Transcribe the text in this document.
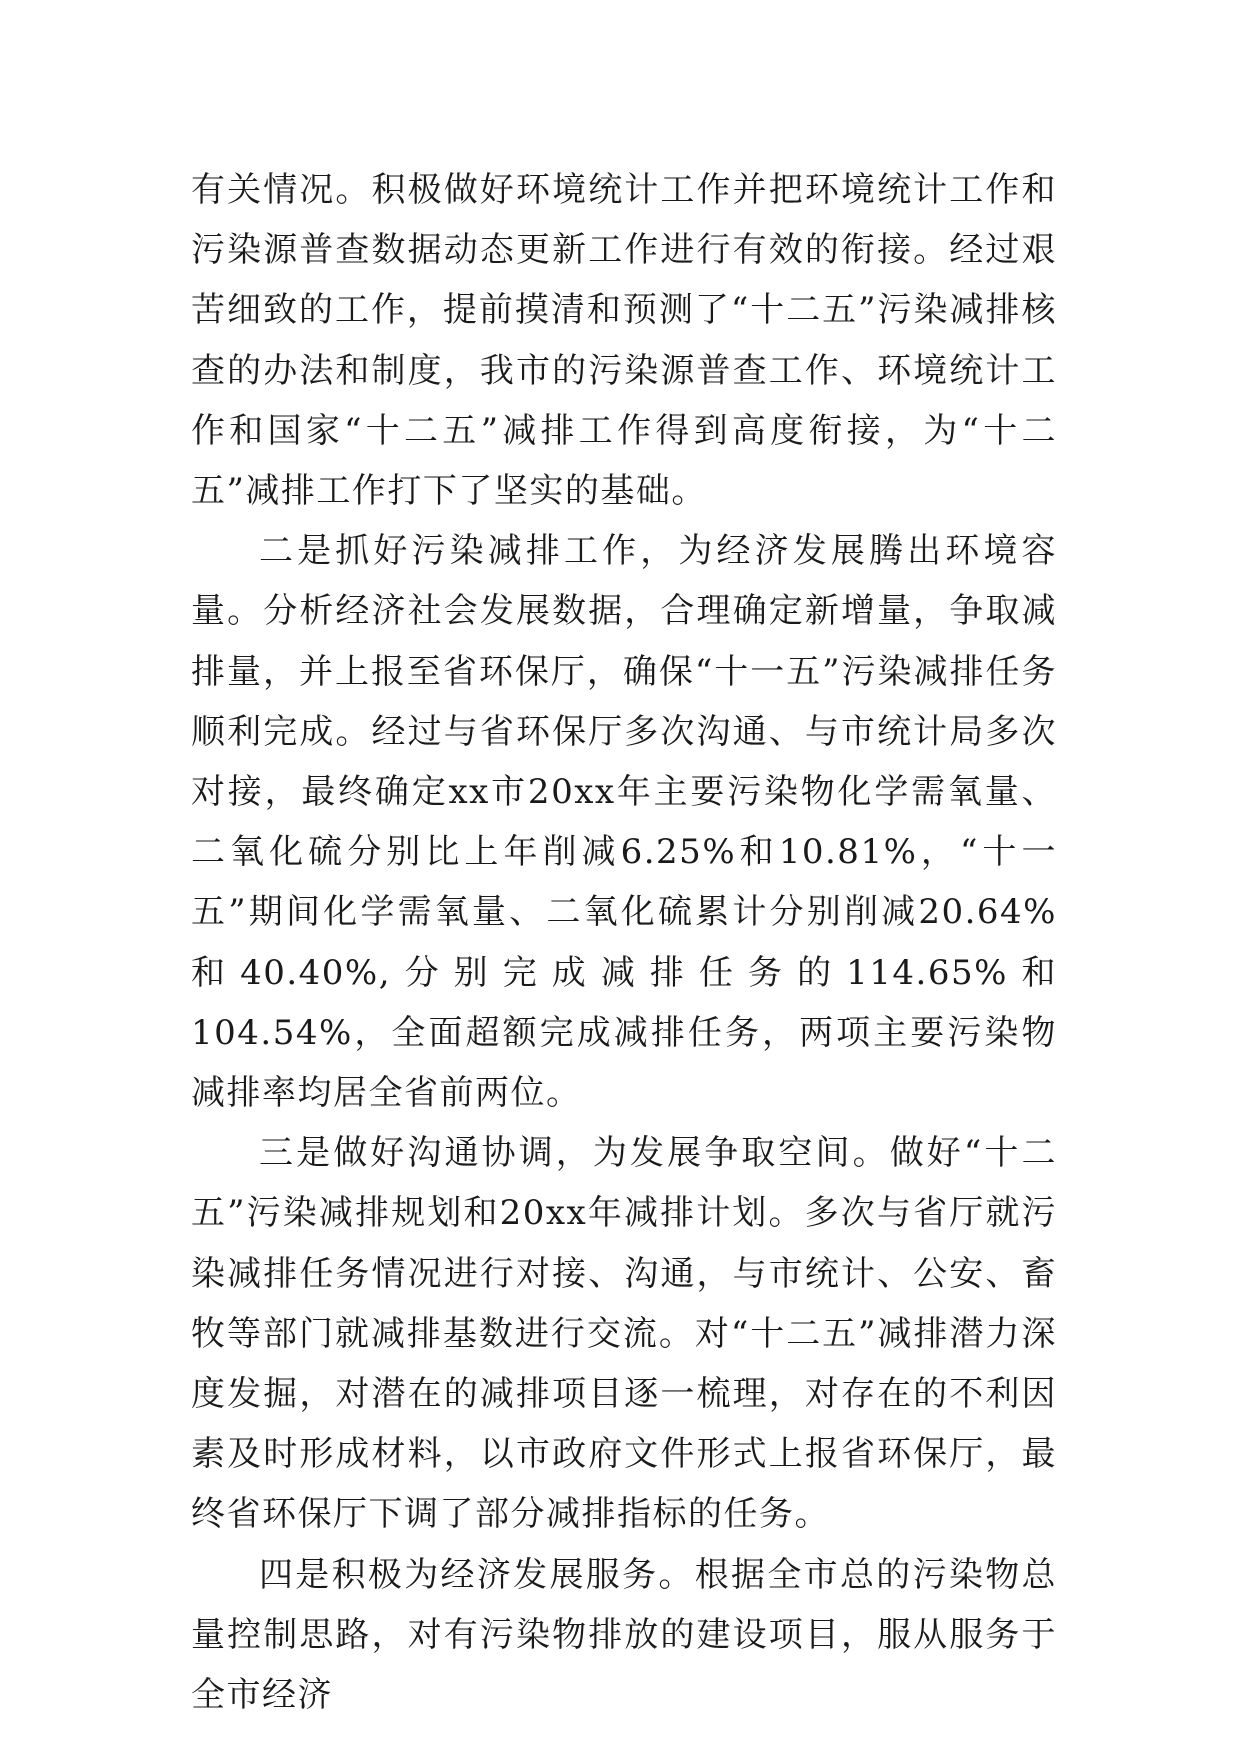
有关情况。积极做好环境统计工作并把环境统计工作和污染源普查数据动态更新工作进行有效的衔接。经过艰苦细致的工作，提前摸清和预测了“十二五”污染减排核查的办法和制度，我市的污染源普查工作、环境统计工作和国家“十二五”减排工作得到高度衔接，为“十二五”减排工作打下了坚实的基础。

二是抓好污染减排工作，为经济发展腾出环境容量。分析经济社会发展数据，合理确定新增量，争取减排量，并上报至省环保厅，确保“十一五”污染减排任务顺利完成。经过与省环保厅多次沟通、与市统计局多次对接，最终确定xx市20xx年主要污染物化学需氧量、二氧化硫分别比上年削减6.25%和10.81%，“十一五”期间化学需氧量、二氧化硫累计分别削减20.64%和40.40%,分别完成减排任务的114.65%和104.54%，全面超额完成减排任务，两项主要污染物减排率均居全省前两位。

三是做好沟通协调，为发展争取空间。做好“十二五”污染减排规划和20xx年减排计划。多次与省厅就污染减排任务情况进行对接、沟通，与市统计、公安、畜牧等部门就减排基数进行交流。对“十二五”减排潜力深度发掘，对潜在的减排项目逐一梳理，对存在的不利因素及时形成材料，以市政府文件形式上报省环保厅，最终省环保厅下调了部分减排指标的任务。

四是积极为经济发展服务。根据全市总的污染物总量控制思路，对有污染物排放的建设项目，服从服务于全市经济
